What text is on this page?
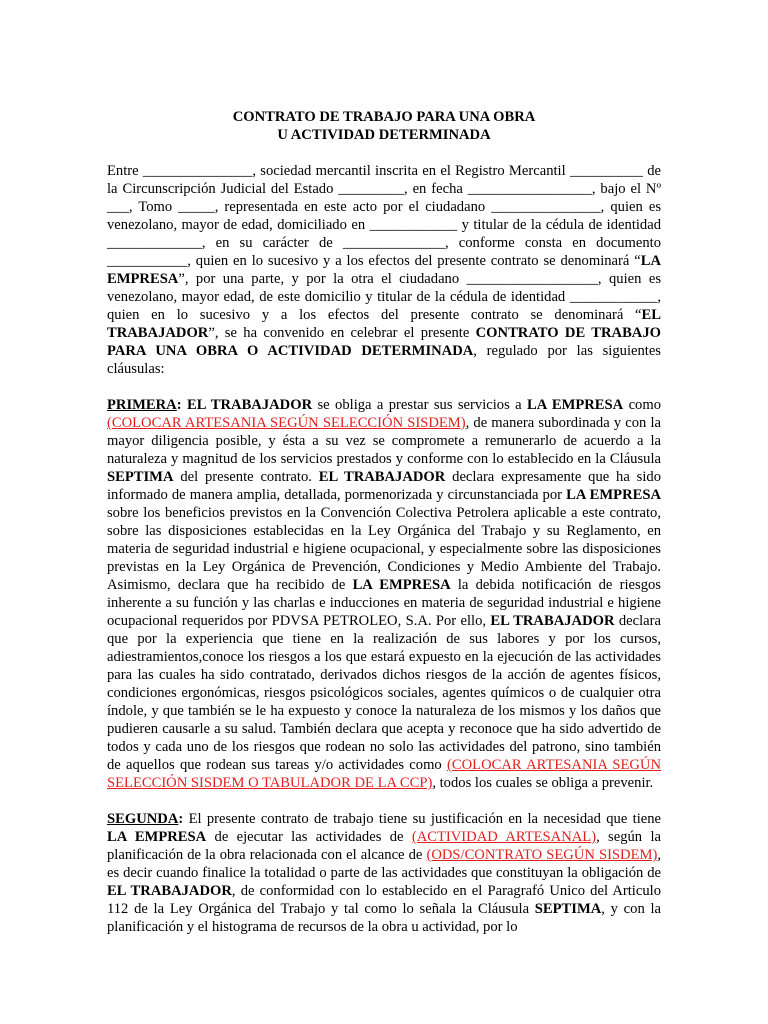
CONTRATO DE TRABAJO PARA UNA OBRA
U ACTIVIDAD DETERMINADA

Entre _______________, sociedad mercantil inscrita en el Registro Mercantil __________ de la Circunscripción Judicial del Estado _________, en fecha _________________, bajo el Nº ___, Tomo _____, representada en este acto por el ciudadano _______________, quien es venezolano, mayor de edad, domiciliado en ____________ y titular de la cédula de identidad _____________, en su carácter de ______________, conforme consta en documento ___________, quien en lo sucesivo y a los efectos del presente contrato se denominará “LA EMPRESA”, por una parte, y por la otra el ciudadano __________________, quien es venezolano, mayor edad, de este domicilio y titular de la cédula de identidad ____________, quien en lo sucesivo y a los efectos del presente contrato se denominará “EL TRABAJADOR”, se ha convenido en celebrar el presente CONTRATO DE TRABAJO PARA UNA OBRA O ACTIVIDAD DETERMINADA, regulado por las siguientes cláusulas:

PRIMERA: EL TRABAJADOR se obliga a prestar sus servicios a LA EMPRESA como (COLOCAR ARTESANIA SEGÚN SELECCIÓN SISDEM), de manera subordinada y con la mayor diligencia posible, y ésta a su vez se compromete a remunerarlo de acuerdo a la naturaleza y magnitud de los servicios prestados y conforme con lo establecido en la Cláusula SEPTIMA del presente contrato. EL TRABAJADOR declara expresamente que ha sido informado de manera amplia, detallada, pormenorizada y circunstanciada por LA EMPRESA sobre los beneficios previstos en la Convención Colectiva Petrolera aplicable a este contrato, sobre las disposiciones establecidas en la Ley Orgánica del Trabajo y su Reglamento, en materia de seguridad industrial e higiene ocupacional, y especialmente sobre las disposiciones previstas en la Ley Orgánica de Prevención, Condiciones y Medio Ambiente del Trabajo. Asimismo, declara que ha recibido de LA EMPRESA la debida notificación de riesgos inherente a su función y las charlas e inducciones en materia de seguridad industrial e higiene ocupacional requeridos por PDVSA PETROLEO, S.A. Por ello, EL TRABAJADOR declara que por la experiencia que tiene en la realización de sus labores y por los cursos, adiestramientos,conoce los riesgos a los que estará expuesto en la ejecución de las actividades para las cuales ha sido contratado, derivados dichos riesgos de la acción de agentes físicos, condiciones ergonómicas, riesgos psicológicos sociales, agentes químicos o de cualquier otra índole, y que también se le ha expuesto y conoce la naturaleza de los mismos y los daños que pudieren causarle a su salud. También declara que acepta y reconoce que ha sido advertido de todos y cada uno de los riesgos que rodean no solo las actividades del patrono, sino también de aquellos que rodean sus tareas y/o actividades como (COLOCAR ARTESANIA SEGÚN SELECCIÓN SISDEM O TABULADOR DE LA CCP), todos los cuales se obliga a prevenir.

SEGUNDA: El presente contrato de trabajo tiene su justificación en la necesidad que tiene LA EMPRESA de ejecutar las actividades de (ACTIVIDAD ARTESANAL), según la planificación de la obra relacionada con el alcance de (ODS/CONTRATO SEGÚN SISDEM), es decir cuando finalice la totalidad o parte de las actividades que constituyan la obligación de EL TRABAJADOR, de conformidad con lo establecido en el Paragrafó Unico del Articulo 112 de la Ley Orgánica del Trabajo y tal como lo señala la Cláusula SEPTIMA, y con la planificación y el histograma de recursos de la obra u actividad, por lo
